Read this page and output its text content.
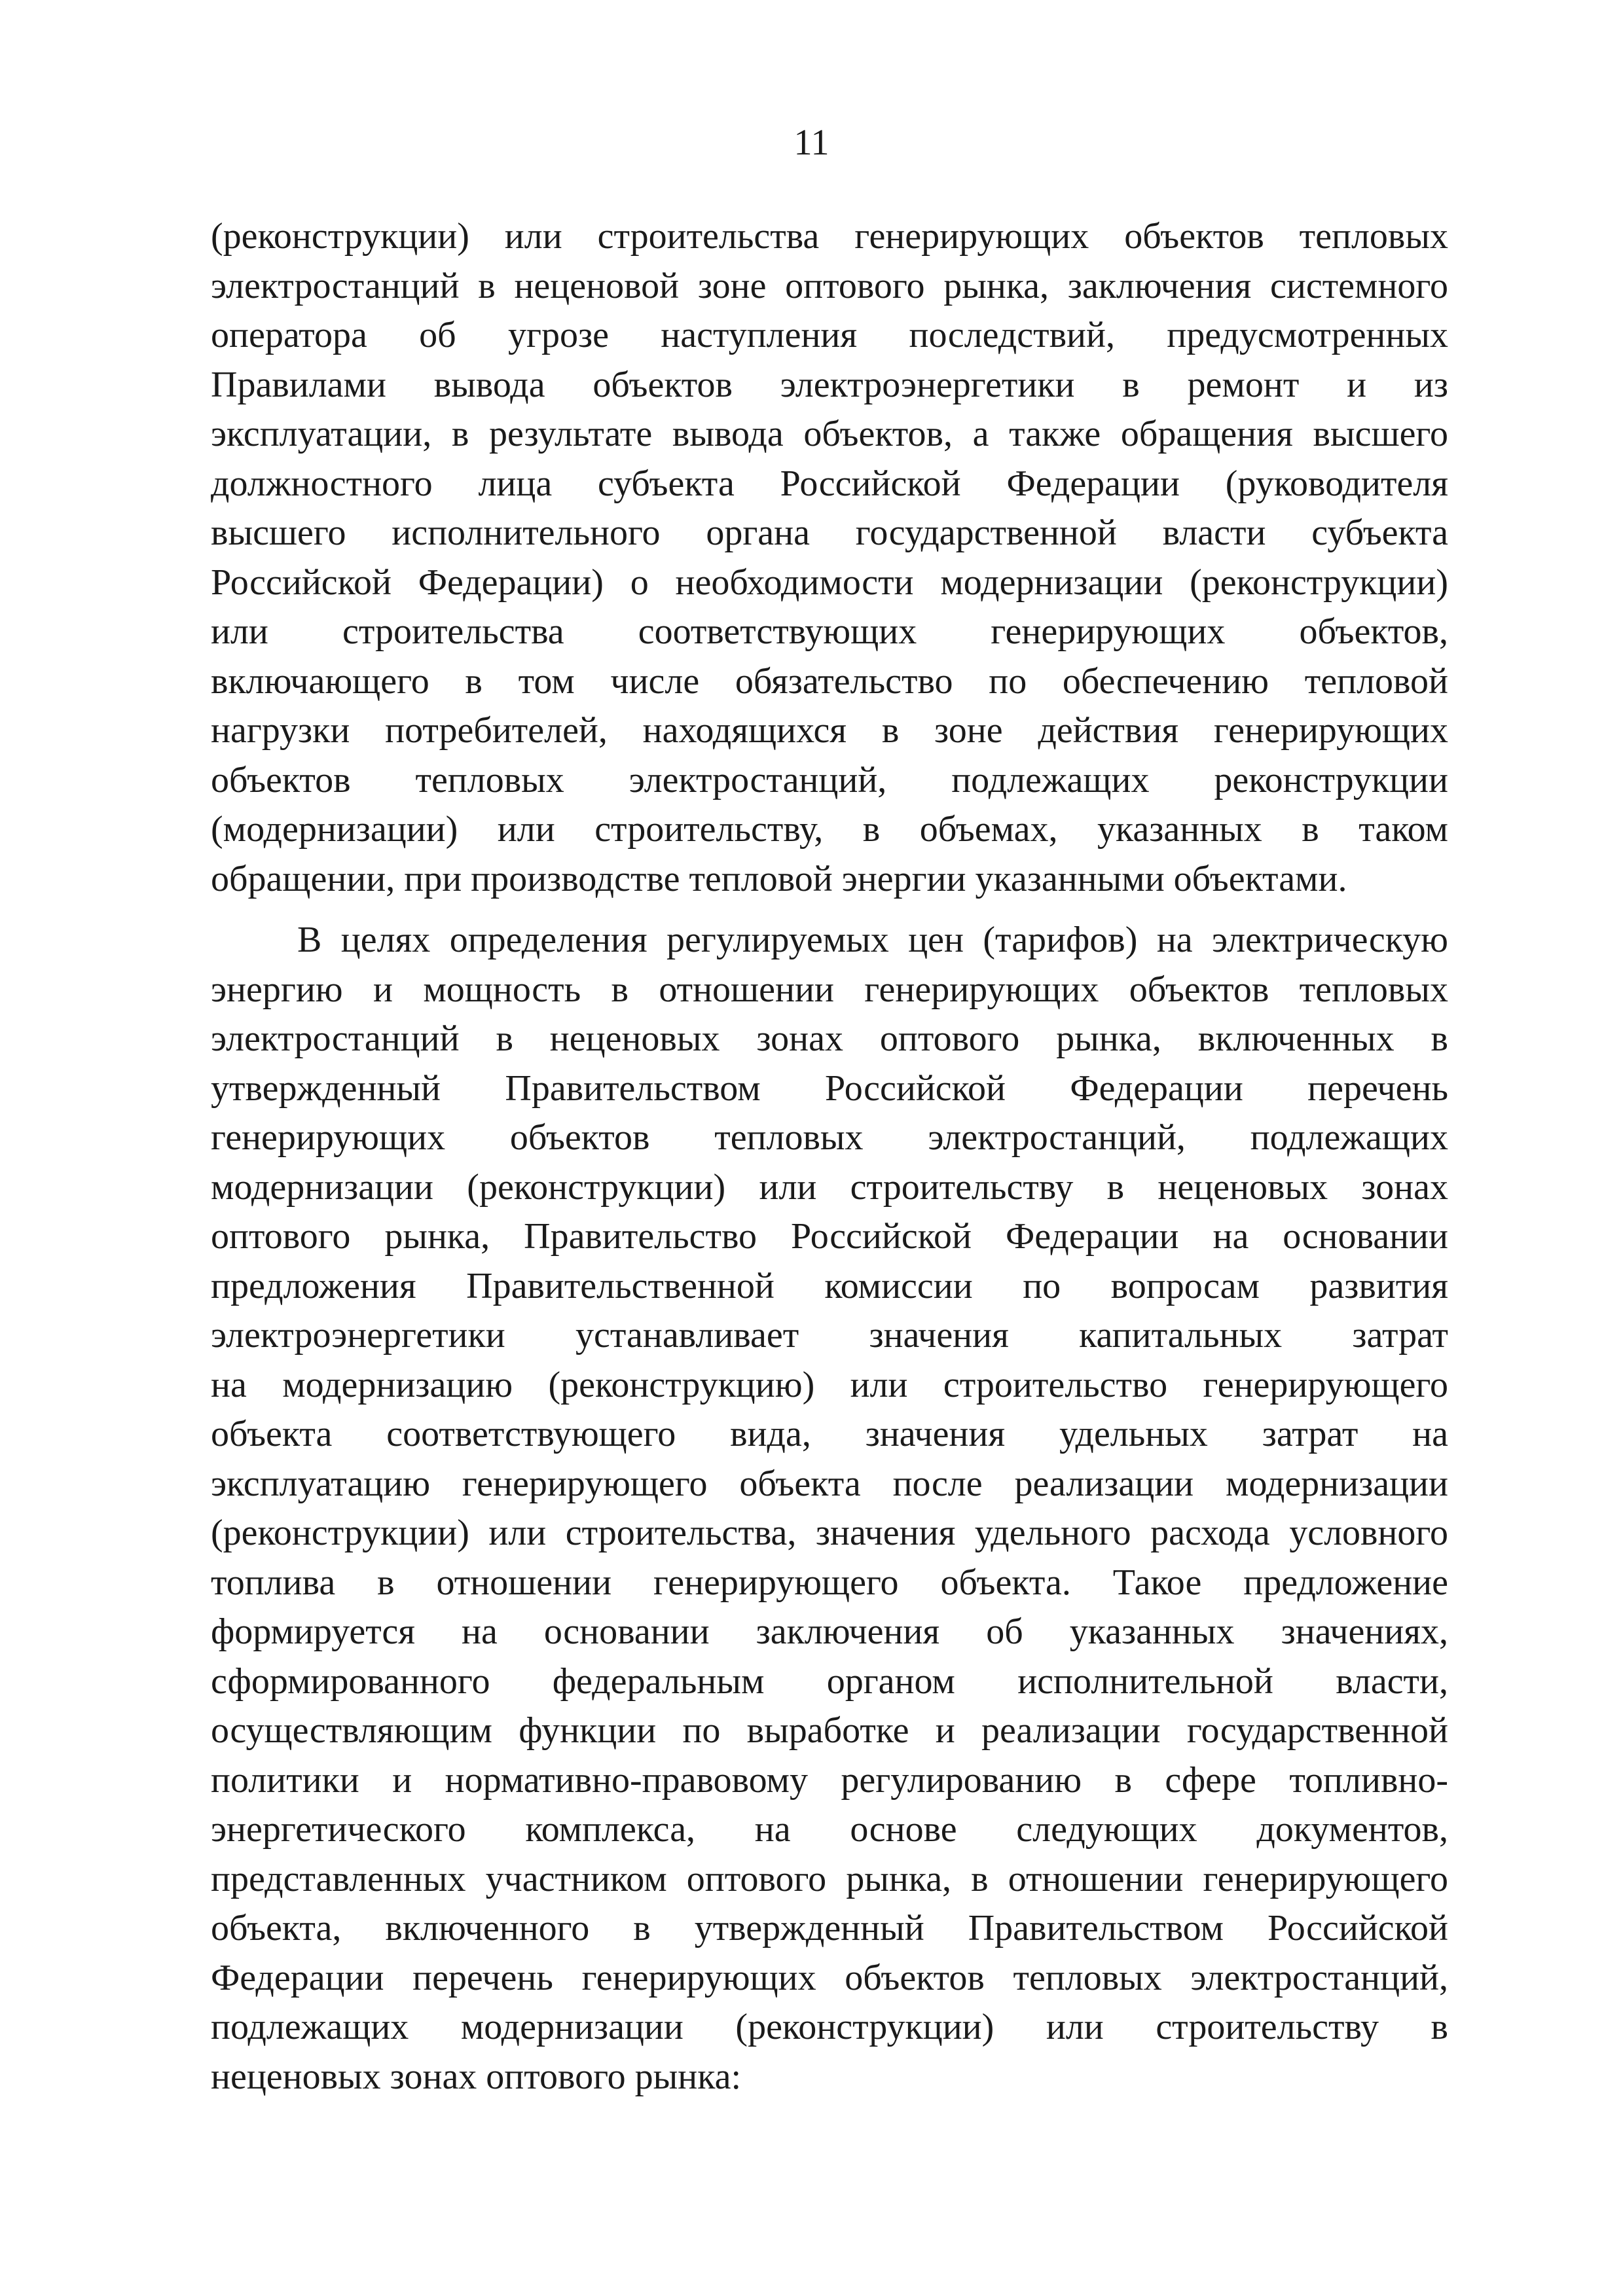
11
(реконструкции) или строительства генерирующих объектов тепловых
электростанций в неценовой зоне оптового рынка, заключения системного
оператора об угрозе наступления последствий, предусмотренных
Правилами вывода объектов электроэнергетики в ремонт и из
эксплуатации, в результате вывода объектов, а также обращения высшего
должностного лица субъекта Российской Федерации (руководителя
высшего исполнительного органа государственной власти субъекта
Российской Федерации) о необходимости модернизации (реконструкции)
или строительства соответствующих генерирующих объектов,
включающего в том числе обязательство по обеспечению тепловой
нагрузки потребителей, находящихся в зоне действия генерирующих
объектов тепловых электростанций, подлежащих реконструкции
(модернизации) или строительству, в объемах, указанных в таком
обращении, при производстве тепловой энергии указанными объектами.
В целях определения регулируемых цен (тарифов) на электрическую
энергию и мощность в отношении генерирующих объектов тепловых
электростанций в неценовых зонах оптового рынка, включенных в
утвержденный Правительством Российской Федерации перечень
генерирующих объектов тепловых электростанций, подлежащих
модернизации (реконструкции) или строительству в неценовых зонах
оптового рынка, Правительство Российской Федерации на основании
предложения Правительственной комиссии по вопросам развития
электроэнергетики устанавливает значения капитальных затрат
на модернизацию (реконструкцию) или строительство генерирующего
объекта соответствующего вида, значения удельных затрат на
эксплуатацию генерирующего объекта после реализации модернизации
(реконструкции) или строительства, значения удельного расхода условного
топлива в отношении генерирующего объекта. Такое предложение
формируется на основании заключения об указанных значениях,
сформированного федеральным органом исполнительной власти,
осуществляющим функции по выработке и реализации государственной
политики и нормативно-правовому регулированию в сфере топливно-
энергетического комплекса, на основе следующих документов,
представленных участником оптового рынка, в отношении генерирующего
объекта, включенного в утвержденный Правительством Российской
Федерации перечень генерирующих объектов тепловых электростанций,
подлежащих модернизации (реконструкции) или строительству в
неценовых зонах оптового рынка:
